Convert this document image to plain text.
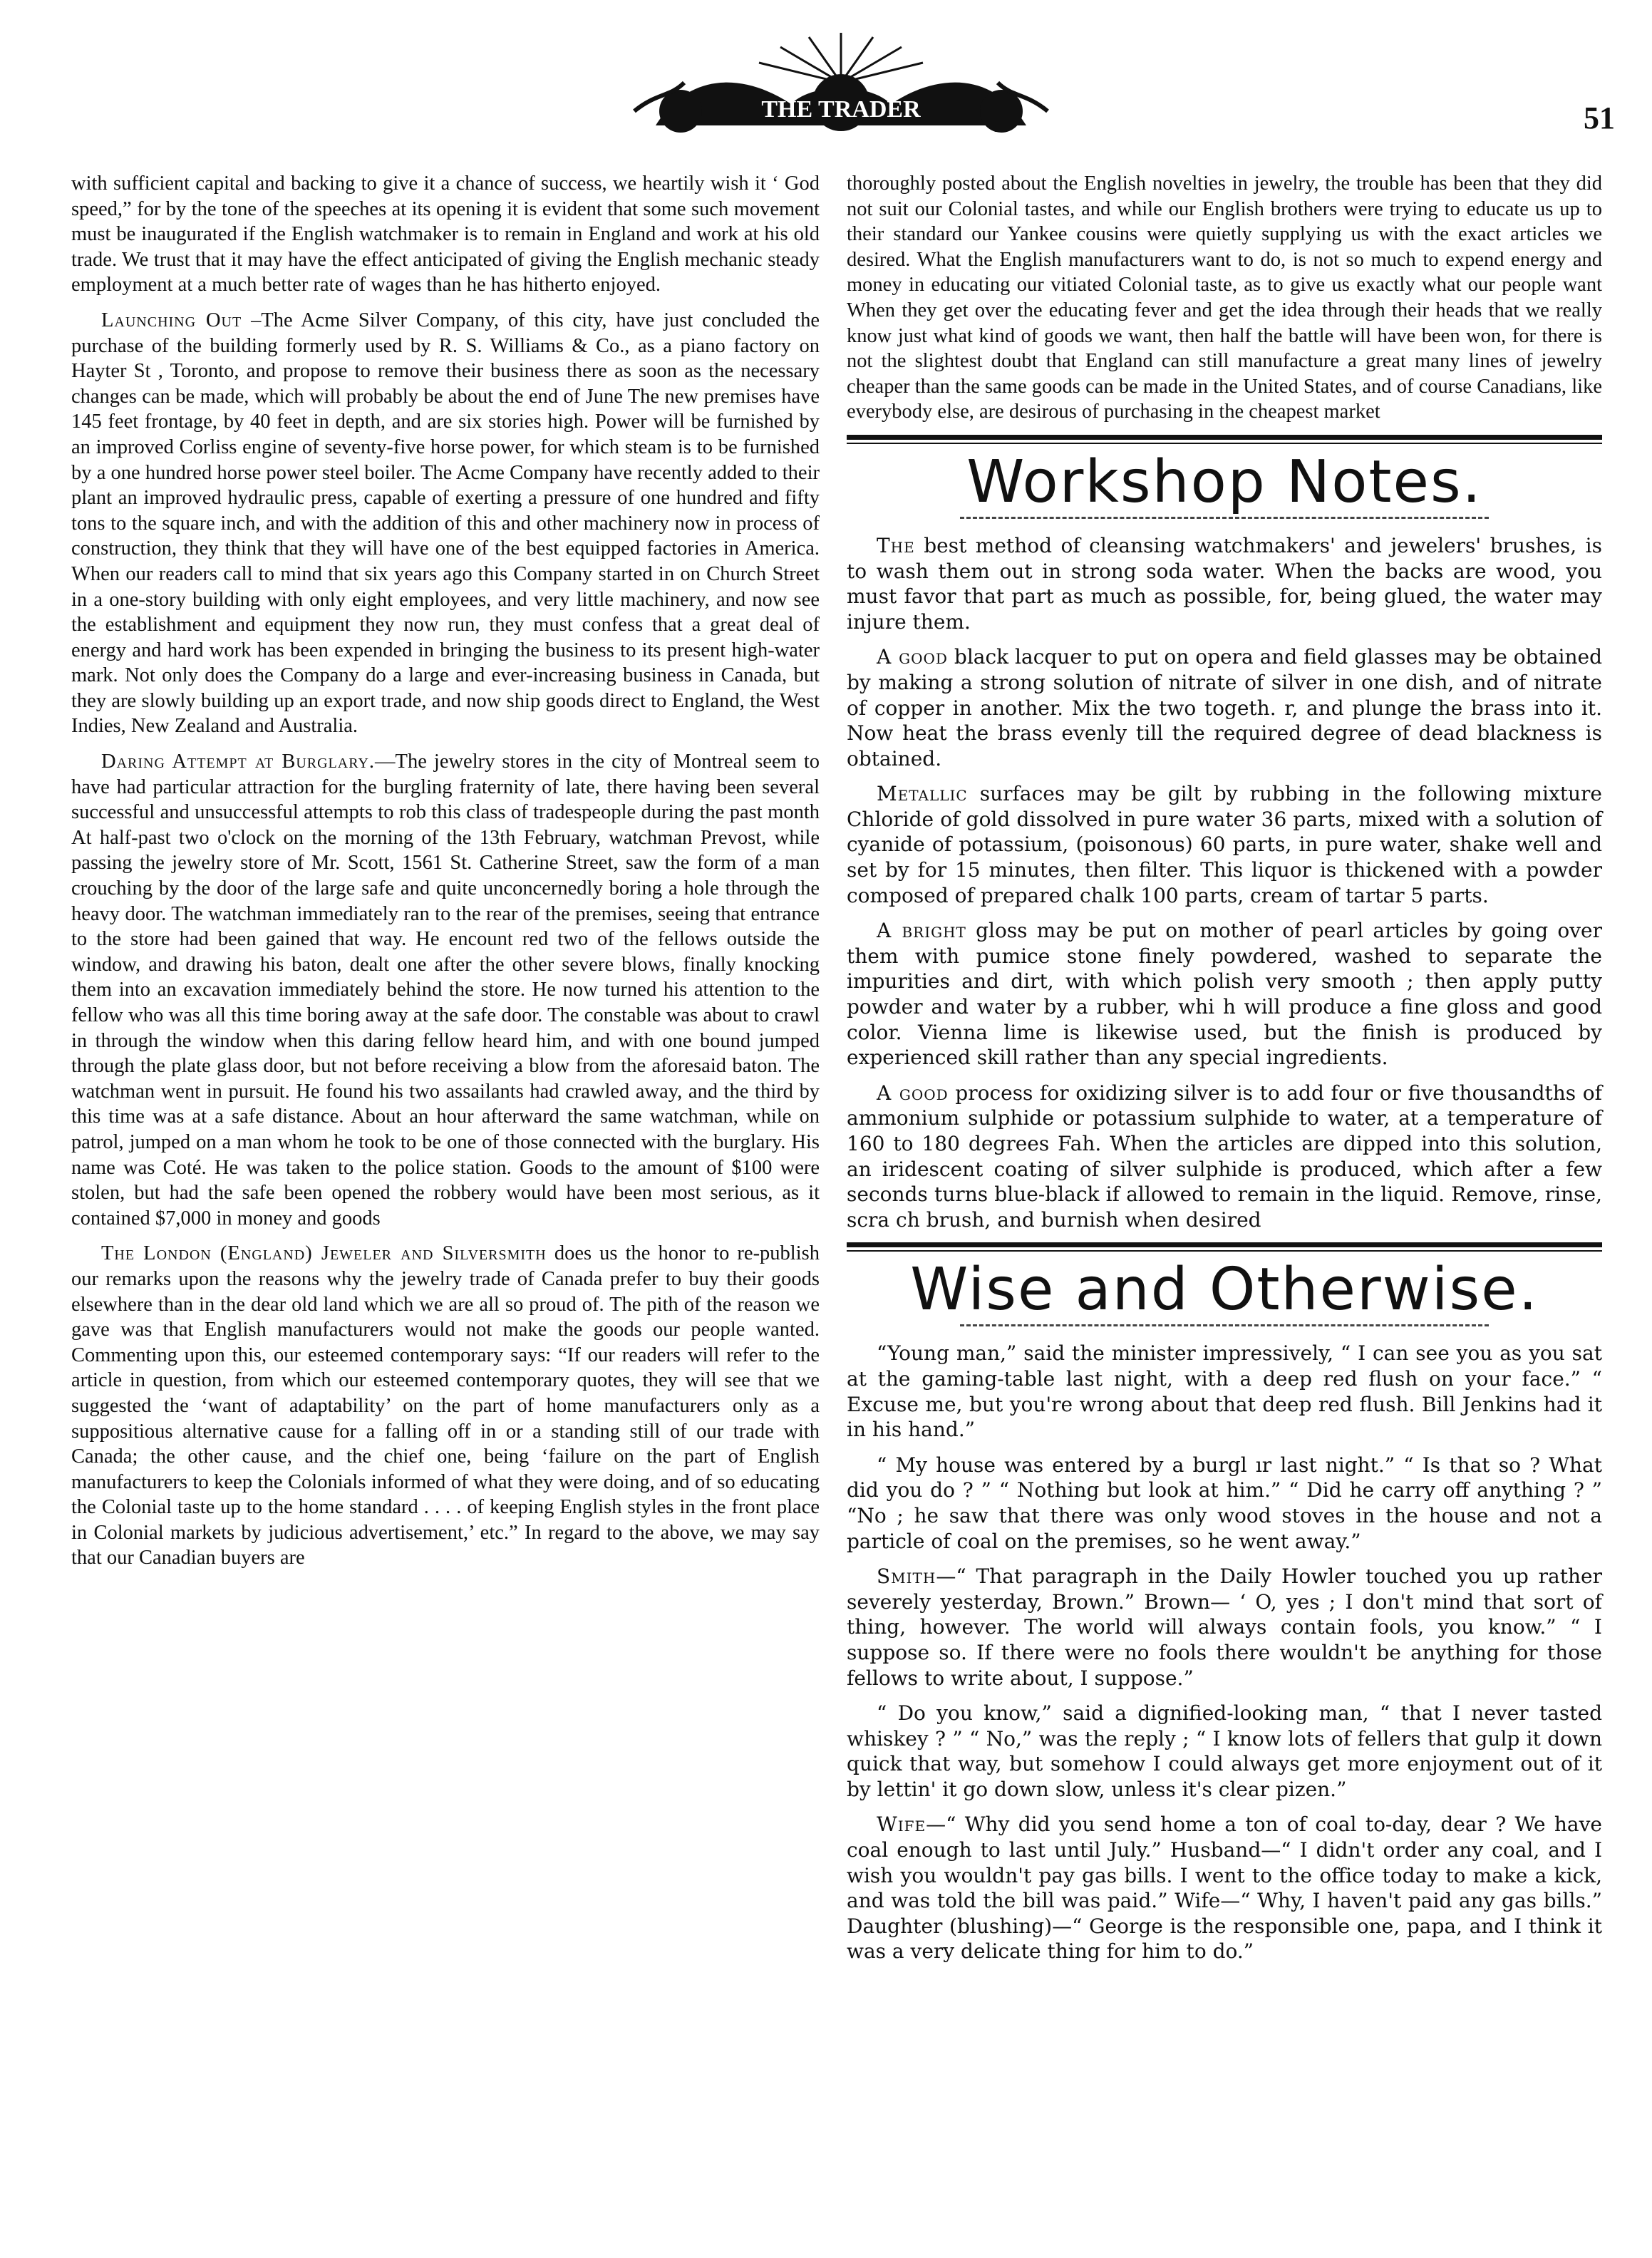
THE TRADER	51

with sufficient capital and backing to give it a chance of success, we heartily wish it ‘ God speed,” for by the tone of the speeches at its opening it is evident that some such movement must be inaugurated if the English watchmaker is to remain in England and work at his old trade. We trust that it may have the effect anticipated of giving the English mechanic steady employment at a much better rate of wages than he has hitherto enjoyed.

Launching Out –The Acme Silver Company, of this city, have just concluded the purchase of the building formerly used by R. S. Williams & Co., as a piano factory on Hayter St , Toronto, and propose to remove their business there as soon as the necessary changes can be made, which will probably be about the end of June The new premises have 145 feet frontage, by 40 feet in depth, and are six stories high. Power will be furnished by an improved Corliss engine of seventy-five horse power, for which steam is to be furnished by a one hundred horse power steel boiler. The Acme Company have recently added to their plant an improved hydraulic press, capable of exerting a pressure of one hundred and fifty tons to the square inch, and with the addition of this and other machinery now in process of construction, they think that they will have one of the best equipped factories in America. When our readers call to mind that six years ago this Company started in on Church Street in a one-story building with only eight employees, and very little machinery, and now see the establishment and equipment they now run, they must confess that a great deal of energy and hard work has been expended in bringing the business to its present high-water mark. Not only does the Company do a large and ever-increasing business in Canada, but they are slowly building up an export trade, and now ship goods direct to England, the West Indies, New Zealand and Australia.

Daring Attempt at Burglary.—The jewelry stores in the city of Montreal seem to have had particular attraction for the burgling fraternity of late, there having been several successful and unsuccessful attempts to rob this class of tradespeople during the past month At half-past two o'clock on the morning of the 13th February, watchman Prevost, while passing the jewelry store of Mr. Scott, 1561 St. Catherine Street, saw the form of a man crouching by the door of the large safe and quite unconcernedly boring a hole through the heavy door. The watchman immediately ran to the rear of the premises, seeing that entrance to the store had been gained that way. He encount red two of the fellows outside the window, and drawing his baton, dealt one after the other severe blows, finally knocking them into an excavation immediately behind the store. He now turned his attention to the fellow who was all this time boring away at the safe door. The constable was about to crawl in through the window when this daring fellow heard him, and with one bound jumped through the plate glass door, but not before receiving a blow from the aforesaid baton. The watchman went in pursuit. He found his two assailants had crawled away, and the third by this time was at a safe distance. About an hour afterward the same watchman, while on patrol, jumped on a man whom he took to be one of those connected with the burglary. His name was Coté. He was taken to the police station. Goods to the amount of $100 were stolen, but had the safe been opened the robbery would have been most serious, as it contained $7,000 in money and goods

The London (England) Jeweler and Silversmith does us the honor to re-publish our remarks upon the reasons why the jewelry trade of Canada prefer to buy their goods elsewhere than in the dear old land which we are all so proud of. The pith of the reason we gave was that English manufacturers would not make the goods our people wanted. Commenting upon this, our esteemed contemporary says: “If our readers will refer to the article in question, from which our esteemed contemporary quotes, they will see that we suggested the ‘want of adaptability’ on the part of home manufacturers only as a suppositious alternative cause for a falling off in or a standing still of our trade with Canada; the other cause, and the chief one, being ‘failure on the part of English manufacturers to keep the Colonials informed of what they were doing, and of so educating the Colonial taste up to the home standard . . . . of keeping English styles in the front place in Colonial markets by judicious advertisement,’ etc.” In regard to the above, we may say that our Canadian buyers are

thoroughly posted about the English novelties in jewelry, the trouble has been that they did not suit our Colonial tastes, and while our English brothers were trying to educate us up to their standard our Yankee cousins were quietly supplying us with the exact articles we desired. What the English manufacturers want to do, is not so much to expend energy and money in educating our vitiated Colonial taste, as to give us exactly what our people want When they get over the educating fever and get the idea through their heads that we really know just what kind of goods we want, then half the battle will have been won, for there is not the slightest doubt that England can still manufacture a great many lines of jewelry cheaper than the same goods can be made in the United States, and of course Canadians, like everybody else, are desirous of purchasing in the cheapest market

Workshop Notes.

The best method of cleansing watchmakers' and jewelers' brushes, is to wash them out in strong soda water. When the backs are wood, you must favor that part as much as possible, for, being glued, the water may injure them.

A good black lacquer to put on opera and field glasses may be obtained by making a strong solution of nitrate of silver in one dish, and of nitrate of copper in another. Mix the two togeth. r, and plunge the brass into it. Now heat the brass evenly till the required degree of dead blackness is obtained.

Metallic surfaces may be gilt by rubbing in the following mixture Chloride of gold dissolved in pure water 36 parts, mixed with a solution of cyanide of potassium, (poisonous) 60 parts, in pure water, shake well and set by for 15 minutes, then filter. This liquor is thickened with a powder composed of prepared chalk 100 parts, cream of tartar 5 parts.

A bright gloss may be put on mother of pearl articles by going over them with pumice stone finely powdered, washed to separate the impurities and dirt, with which polish very smooth ; then apply putty powder and water by a rubber, whi h will produce a fine gloss and good color. Vienna lime is likewise used, but the finish is produced by experienced skill rather than any special ingredients.

A good process for oxidizing silver is to add four or five thousandths of ammonium sulphide or potassium sulphide to water, at a temperature of 160 to 180 degrees Fah. When the articles are dipped into this solution, an iridescent coating of silver sulphide is produced, which after a few seconds turns blue-black if allowed to remain in the liquid. Remove, rinse, scra ch brush, and burnish when desired

Wise and Otherwise.

“Young man,” said the minister impressively, “ I can see you as you sat at the gaming-table last night, with a deep red flush on your face.” “ Excuse me, but you're wrong about that deep red flush. Bill Jenkins had it in his hand.”

“ My house was entered by a burgl ır last night.” “ Is that so ? What did you do ? ” “ Nothing but look at him.” “ Did he carry off anything ? ” “No ; he saw that there was only wood stoves in the house and not a particle of coal on the premises, so he went away.”

Smith—“ That paragraph in the Daily Howler touched you up rather severely yesterday, Brown.” Brown— ‘ O, yes ; I don't mind that sort of thing, however. The world will always contain fools, you know.” “ I suppose so. If there were no fools there wouldn't be anything for those fellows to write about, I suppose.”

“ Do you know,” said a dignified-looking man, “ that I never tasted whiskey ? ” “ No,” was the reply ; “ I know lots of fellers that gulp it down quick that way, but somehow I could always get more enjoyment out of it by lettin' it go down slow, unless it's clear pizen.”

Wife—“ Why did you send home a ton of coal to-day, dear ? We have coal enough to last until July.” Husband—“ I didn't order any coal, and I wish you wouldn't pay gas bills. I went to the office today to make a kick, and was told the bill was paid.” Wife—“ Why, I haven't paid any gas bills.” Daughter (blushing)—“ George is the responsible one, papa, and I think it was a very delicate thing for him to do.”
